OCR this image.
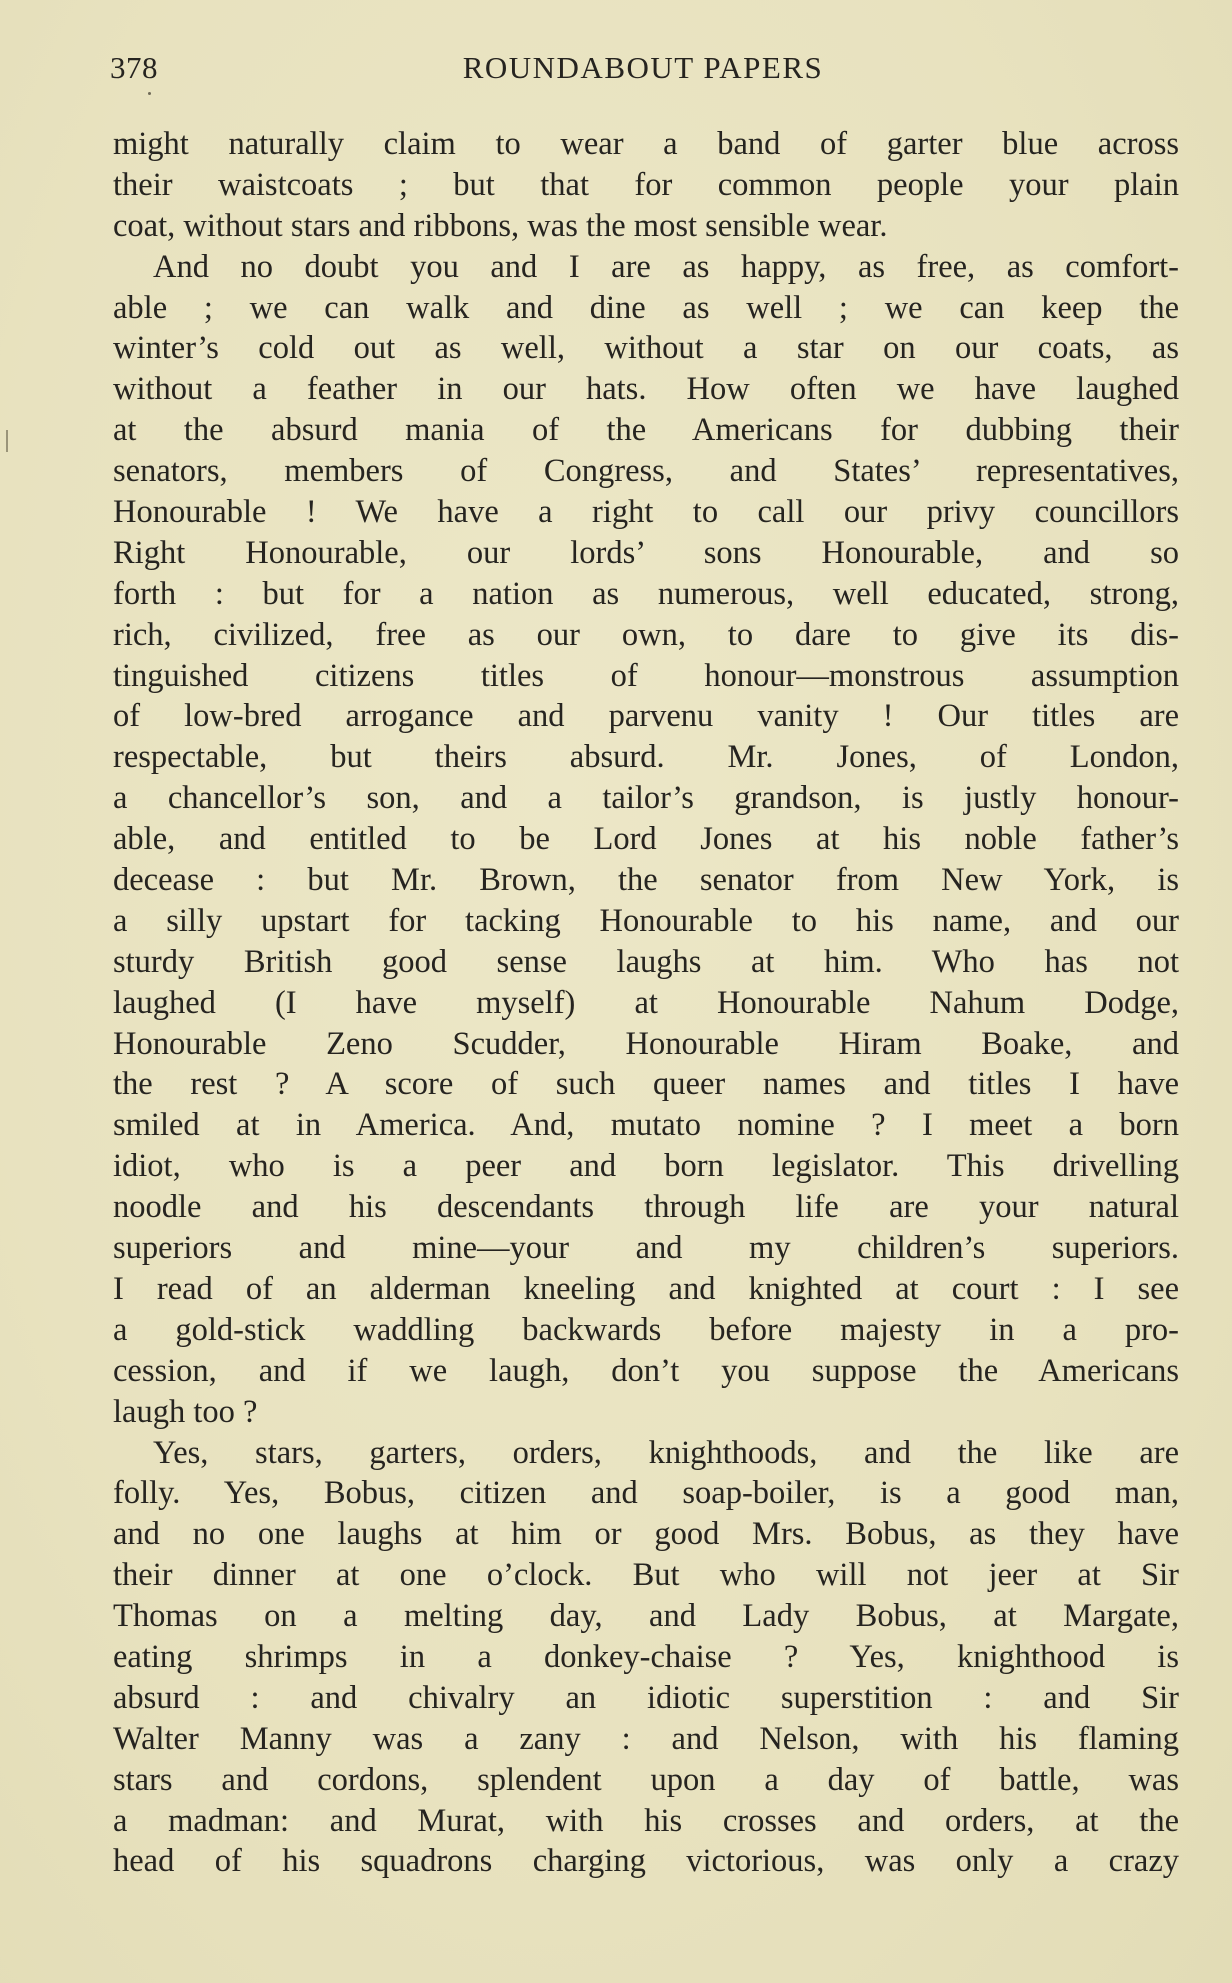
378	ROUNDABOUT PAPERS
might naturally claim to wear a band of garter blue across
their waistcoats ; but that for common people your plain
coat, without stars and ribbons, was the most sensible wear.
And no doubt you and I are as happy, as free, as comfort-
able ; we can walk and dine as well ; we can keep the
winter’s cold out as well, without a star on our coats, as
without a feather in our hats. How often we have laughed
at the absurd mania of the Americans for dubbing their
senators, members of Congress, and States’ representatives,
Honourable ! We have a right to call our privy councillors
Right Honourable, our lords’ sons Honourable, and so
forth : but for a nation as numerous, well educated, strong,
rich, civilized, free as our own, to dare to give its dis-
tinguished citizens titles of honour—monstrous assumption
of low-bred arrogance and parvenu vanity ! Our titles are
respectable, but theirs absurd. Mr. Jones, of London,
a chancellor’s son, and a tailor’s grandson, is justly honour-
able, and entitled to be Lord Jones at his noble father’s
decease : but Mr. Brown, the senator from New York, is
a silly upstart for tacking Honourable to his name, and our
sturdy British good sense laughs at him. Who has not
laughed (I have myself) at Honourable Nahum Dodge,
Honourable Zeno Scudder, Honourable Hiram Boake, and
the rest ? A score of such queer names and titles I have
smiled at in America. And, mutato nomine ? I meet a born
idiot, who is a peer and born legislator. This drivelling
noodle and his descendants through life are your natural
superiors and mine—your and my children’s superiors.
I read of an alderman kneeling and knighted at court : I see
a gold-stick waddling backwards before majesty in a pro-
cession, and if we laugh, don’t you suppose the Americans
laugh too ?
Yes, stars, garters, orders, knighthoods, and the like are
folly. Yes, Bobus, citizen and soap-boiler, is a good man,
and no one laughs at him or good Mrs. Bobus, as they have
their dinner at one o’clock. But who will not jeer at Sir
Thomas on a melting day, and Lady Bobus, at Margate,
eating shrimps in a donkey-chaise ? Yes, knighthood is
absurd : and chivalry an idiotic superstition : and Sir
Walter Manny was a zany : and Nelson, with his flaming
stars and cordons, splendent upon a day of battle, was
a madman: and Murat, with his crosses and orders, at the
head of his squadrons charging victorious, was only a crazy
